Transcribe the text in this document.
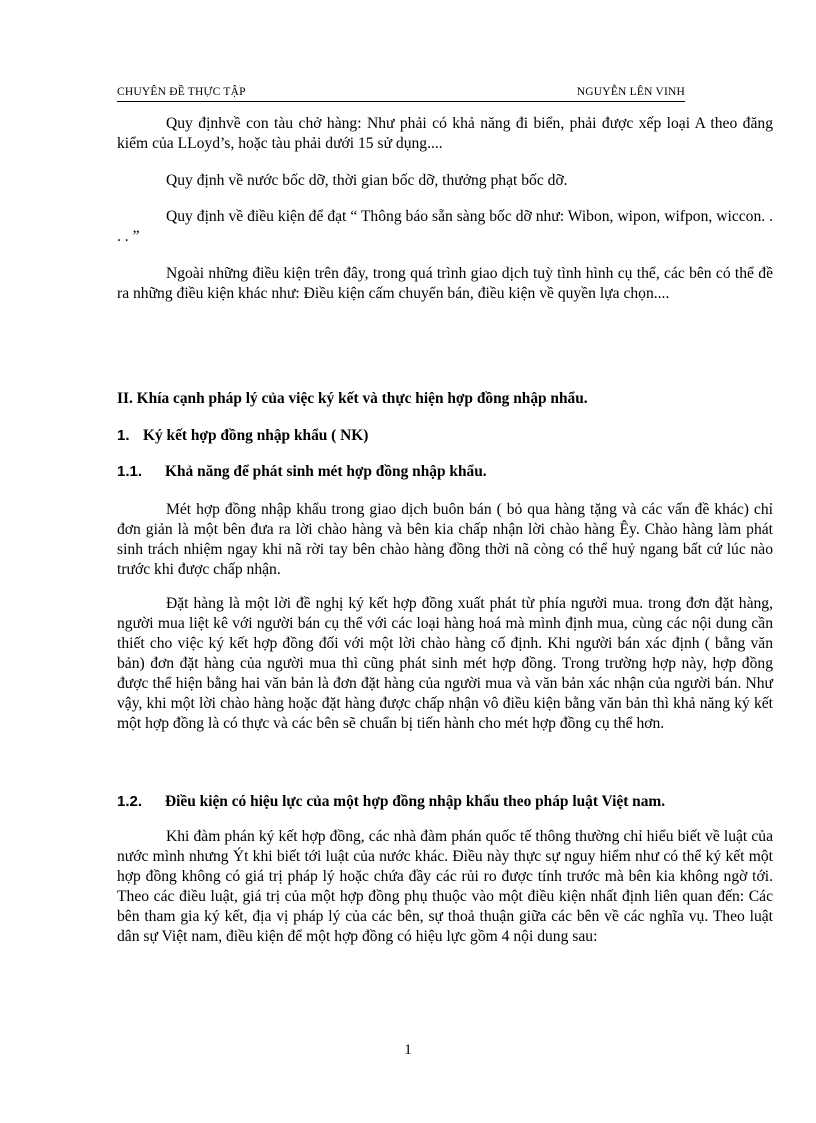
CHUYÊN ĐỀ THỰC TẬP	NGUYỄN LÊN VINH

Quy địnhvề con tàu chở hàng: Như phải có khả năng đi biển, phải được xếp loại A theo đăng kiểm của LLoyd’s, hoặc tàu phải dưới 15 sử dụng....

Quy định về nước bốc dỡ, thời gian bốc dỡ, thưởng phạt bốc dỡ.

Quy định về điều kiện để đạt “ Thông báo sẵn sàng bốc dỡ như: Wibon, wipon, wifpon, wiccon. . . . ”

Ngoài những điều kiện trên đây, trong quá trình giao dịch tuỳ tình hình cụ thể, các bên có thể đề ra những điều kiện khác như: Điều kiện cấm chuyển bán, điều kiện về quyền lựa chọn....

II. Khía cạnh pháp lý của việc ký kết và thực hiện hợp đồng nhập nhẩu.
1. Ký kết hợp đồng nhập khẩu ( NK)
1.1. Khả năng để phát sinh mét hợp đồng nhập khẩu.

Mét hợp đồng nhập khẩu trong giao dịch buôn bán ( bỏ qua hàng tặng và các vấn đề khác) chỉ đơn giản là một bên đưa ra lời chào hàng và bên kia chấp nhận lời chào hàng Êy. Chào hàng làm phát sinh trách nhiệm ngay khi nã rời tay bên chào hàng đồng thời nã còng có thể huỷ ngang bất cứ lúc nào trước khi được chấp nhận.

Đặt hàng là một lời đề nghị ký kết hợp đồng xuất phát từ phía người mua. trong đơn đặt hàng, người mua liệt kê với người bán cụ thể với các loại hàng hoá mà mình định mua, cùng các nội dung cần thiết cho việc ký kết hợp đồng đối với một lời chào hàng cố định. Khi người bán xác định ( bằng văn bản) đơn đặt hàng của người mua thì cũng phát sinh mét hợp đồng. Trong trường hợp này, hợp đồng được thể hiện bằng hai văn bản là đơn đặt hàng của người mua và văn bản xác nhận của người bán. Như vậy, khi một lời chào hàng hoặc đặt hàng được chấp nhận vô điều kiện bằng văn bản thì khả năng ký kết một hợp đồng là có thực và các bên sẽ chuẩn bị tiến hành cho mét hợp đồng cụ thể hơn.

1.2. Điều kiện có hiệu lực của một hợp đồng nhập khẩu theo pháp luật Việt nam.

Khi đàm phán ký kết hợp đồng, các nhà đàm phán quốc tế thông thường chỉ hiểu biết về luật của nước mình nhưng Ýt khi biết tới luật của nước khác. Điều này thực sự nguy hiểm như có thể ký kết một hợp đồng không có giá trị pháp lý hoặc chứa đầy các rủi ro được tính trước mà bên kia không ngờ tới. Theo các điều luật, giá trị của một hợp đồng phụ thuộc vào một điều kiện nhất định liên quan đến: Các bên tham gia ký kết, địa vị pháp lý của các bên, sự thoả thuận giữa các bên về các nghĩa vụ. Theo luật dân sự Việt nam, điều kiện để một hợp đồng có hiệu lực gồm 4 nội dung sau:

1
